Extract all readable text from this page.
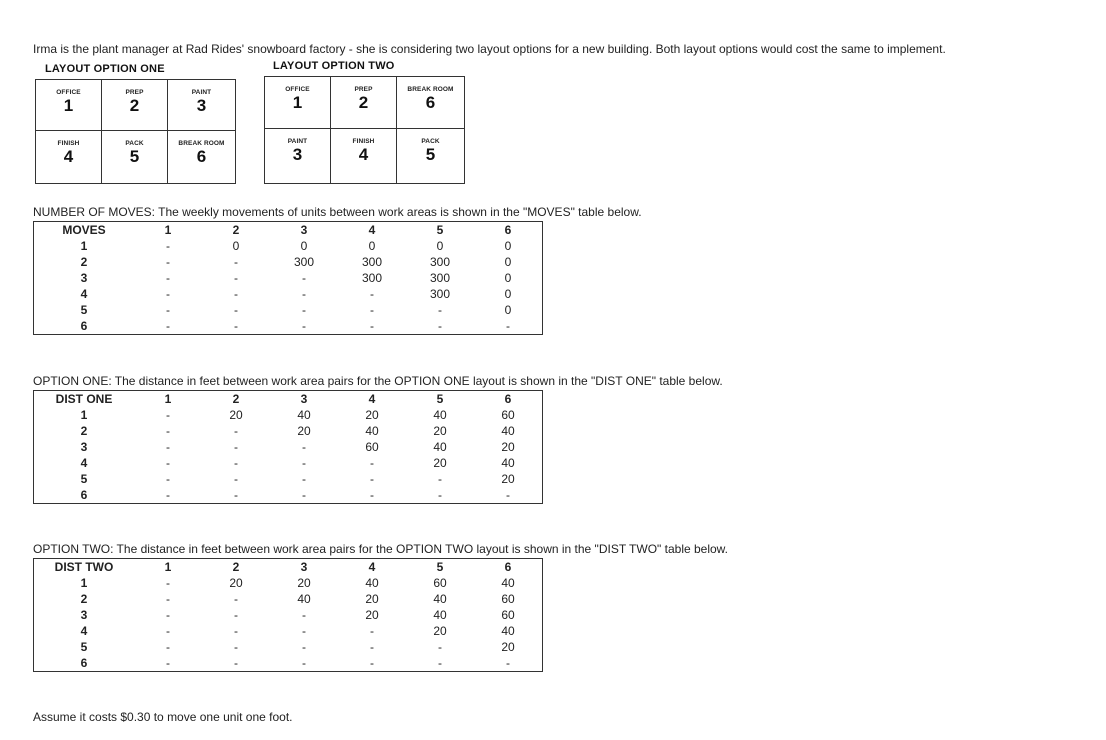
Irma is the plant manager at Rad Rides' snowboard factory - she is considering two layout options for a new building. Both layout options would cost the same to implement.
LAYOUT OPTION ONE
OFFICE
1
PREP
2
PAINT
3
FINISH
4
PACK
5
BREAK ROOM
6
LAYOUT OPTION TWO
OFFICE
1
PREP
2
BREAK ROOM
6
PAINT
3
FINISH
4
PACK
5
NUMBER OF MOVES: The weekly movements of units between work areas is shown in the "MOVES" table below.
MOVES	1	2	3	4	5	6
1	-	0	0	0	0	0
2	-	-	300	300	300	0
3	-	-	-	300	300	0
4	-	-	-	-	300	0
5	-	-	-	-	-	0
6	-	-	-	-	-	-
OPTION ONE: The distance in feet between work area pairs for the OPTION ONE layout is shown in the "DIST ONE" table below.
DIST ONE	1	2	3	4	5	6
1	-	20	40	20	40	60
2	-	-	20	40	20	40
3	-	-	-	60	40	20
4	-	-	-	-	20	40
5	-	-	-	-	-	20
6	-	-	-	-	-	-
OPTION TWO: The distance in feet between work area pairs for the OPTION TWO layout is shown in the "DIST TWO" table below.
DIST TWO	1	2	3	4	5	6
1	-	20	20	40	60	40
2	-	-	40	20	40	60
3	-	-	-	20	40	60
4	-	-	-	-	20	40
5	-	-	-	-	-	20
6	-	-	-	-	-	-
Assume it costs $0.30 to move one unit one foot.
